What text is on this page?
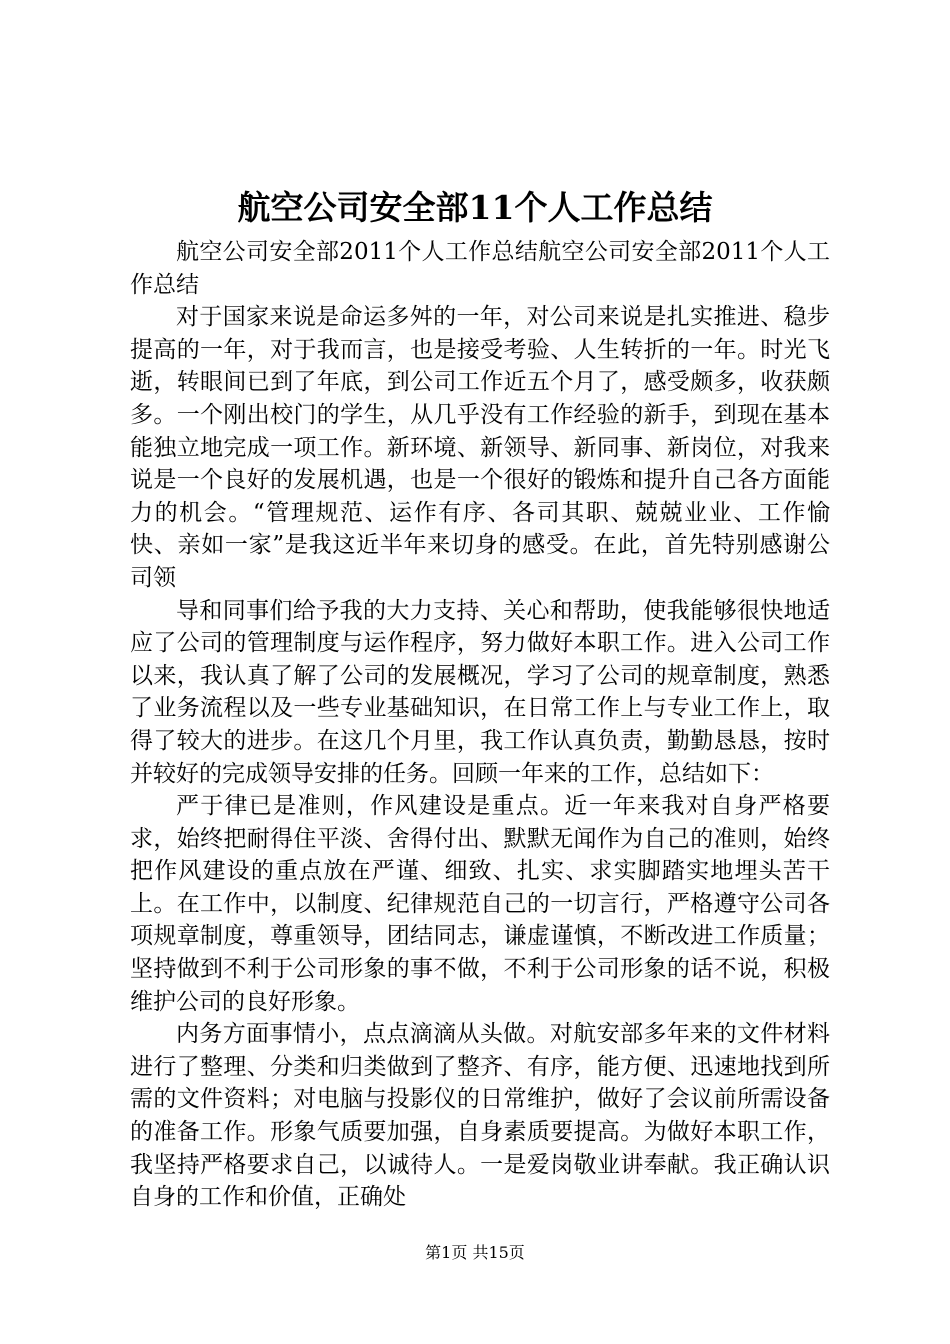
航空公司安全部11个人工作总结

航空公司安全部2011个人工作总结航空公司安全部2011个人工作总结

对于国家来说是命运多舛的一年，对公司来说是扎实推进、稳步提高的一年，对于我而言，也是接受考验、人生转折的一年。时光飞逝，转眼间已到了年底，到公司工作近五个月了，感受颇多，收获颇多。一个刚出校门的学生，从几乎没有工作经验的新手，到现在基本能独立地完成一项工作。新环境、新领导、新同事、新岗位，对我来说是一个良好的发展机遇，也是一个很好的锻炼和提升自己各方面能力的机会。“管理规范、运作有序、各司其职、兢兢业业、工作愉快、亲如一家”是我这近半年来切身的感受。在此，首先特别感谢公司领

导和同事们给予我的大力支持、关心和帮助，使我能够很快地适应了公司的管理制度与运作程序，努力做好本职工作。进入公司工作以来，我认真了解了公司的发展概况，学习了公司的规章制度，熟悉了业务流程以及一些专业基础知识，在日常工作上与专业工作上，取得了较大的进步。在这几个月里，我工作认真负责，勤勤恳恳，按时并较好的完成领导安排的任务。回顾一年来的工作，总结如下：

严于律已是准则，作风建设是重点。近一年来我对自身严格要求，始终把耐得住平淡、舍得付出、默默无闻作为自己的准则，始终把作风建设的重点放在严谨、细致、扎实、求实脚踏实地埋头苦干上。在工作中，以制度、纪律规范自己的一切言行，严格遵守公司各项规章制度，尊重领导，团结同志，谦虚谨慎，不断改进工作质量；坚持做到不利于公司形象的事不做，不利于公司形象的话不说，积极维护公司的良好形象。

内务方面事情小，点点滴滴从头做。对航安部多年来的文件材料进行了整理、分类和归类做到了整齐、有序，能方便、迅速地找到所需的文件资料；对电脑与投影仪的日常维护，做好了会议前所需设备的准备工作。形象气质要加强，自身素质要提高。为做好本职工作，我坚持严格要求自己，以诚待人。一是爱岗敬业讲奉献。我正确认识自身的工作和价值，正确处

第1页 共15页
